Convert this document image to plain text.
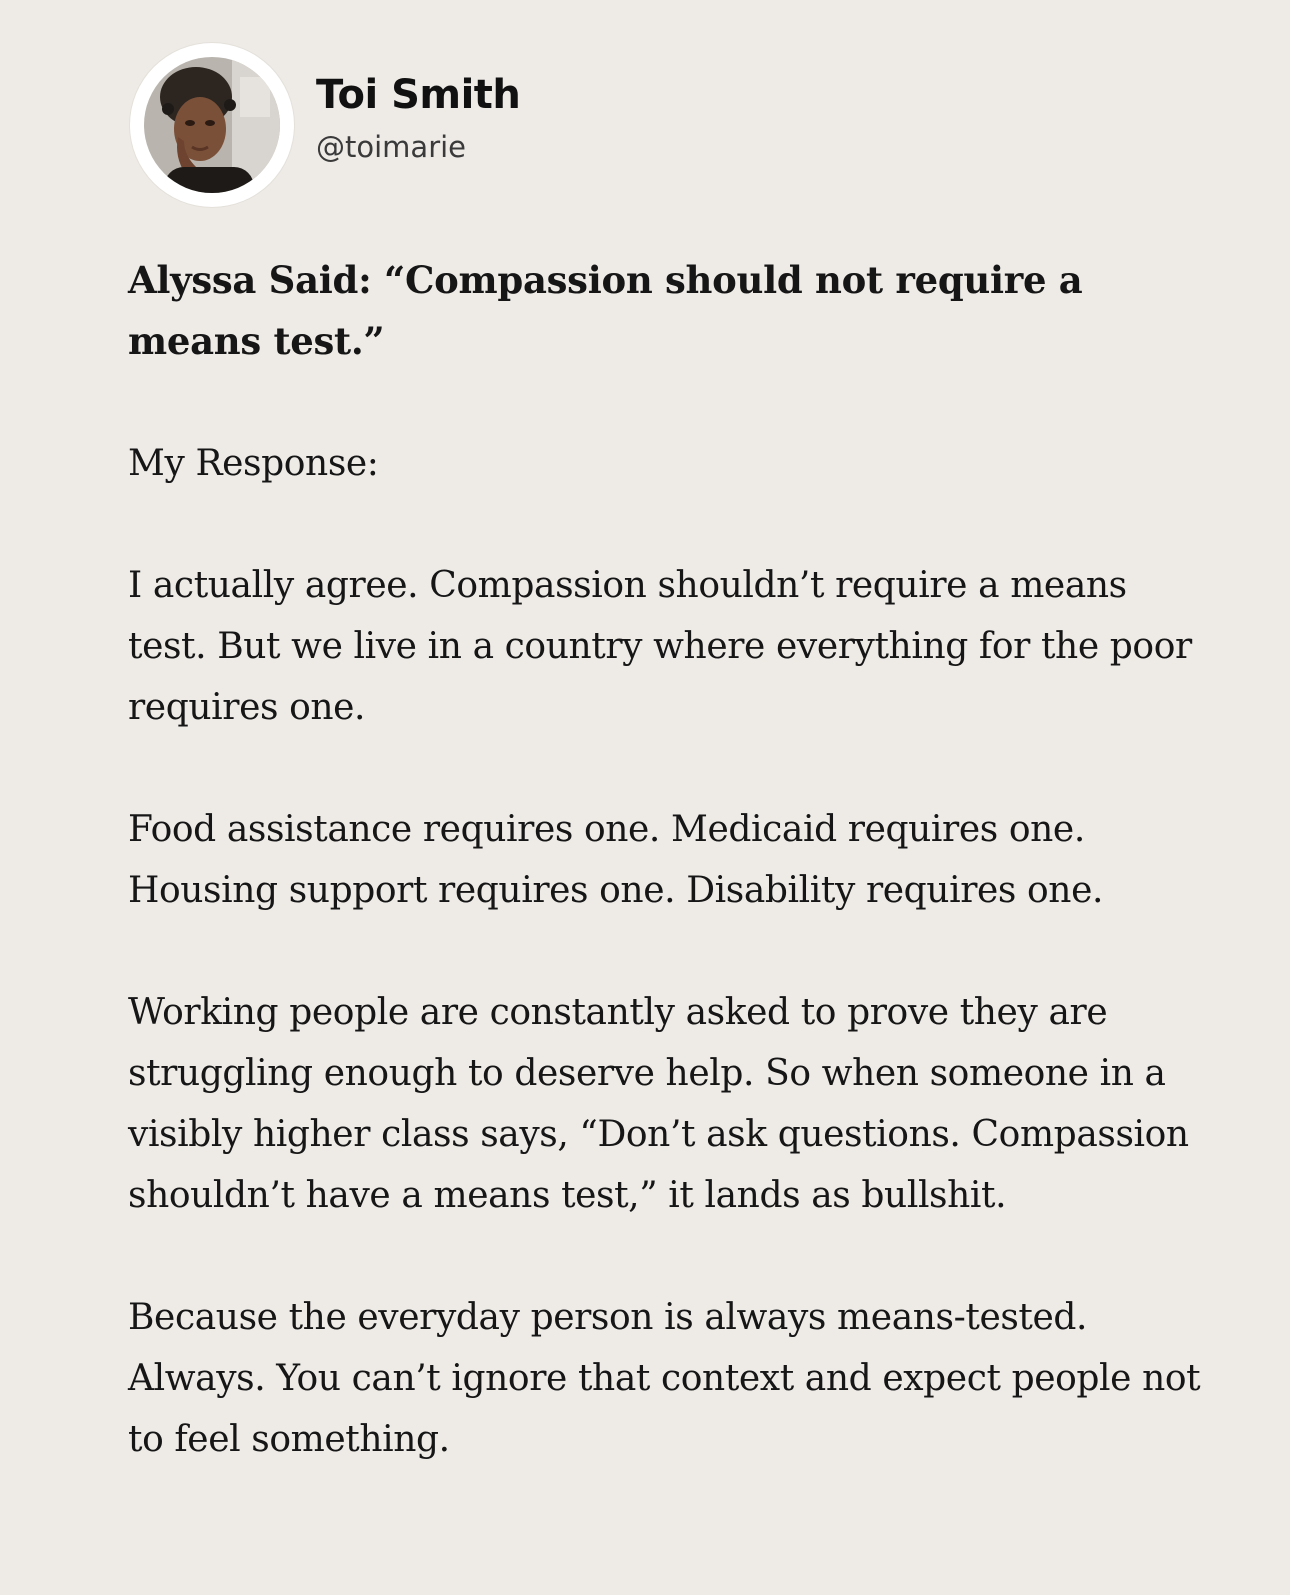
Toi Smith
@toimarie

Alyssa Said: “Compassion should not require a means test.”

My Response:

I actually agree. Compassion shouldn’t require a means test. But we live in a country where everything for the poor requires one.

Food assistance requires one. Medicaid requires one. Housing support requires one. Disability requires one.

Working people are constantly asked to prove they are struggling enough to deserve help. So when someone in a visibly higher class says, “Don’t ask questions. Compassion shouldn’t have a means test,” it lands as bullshit.

Because the everyday person is always means-tested. Always. You can’t ignore that context and expect people not to feel something.
